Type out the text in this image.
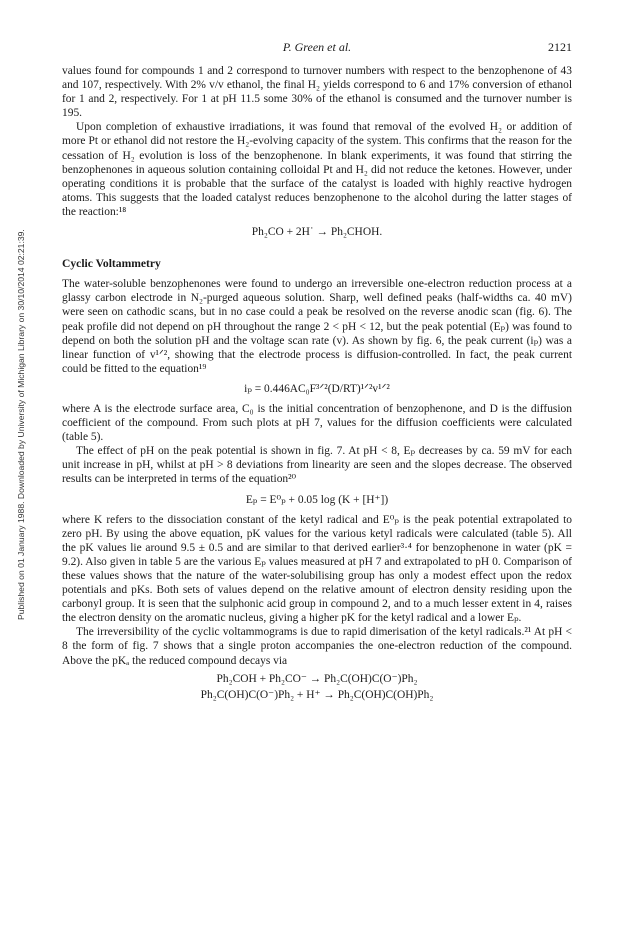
Published on 01 January 1988. Downloaded by University of Michigan Library on 30/10/2014 02:21:39.
P. Green et al.	2121

values found for compounds 1 and 2 correspond to turnover numbers with respect to the benzophenone of 43 and 107, respectively. With 2% v/v ethanol, the final H₂ yields correspond to 6 and 17% conversion of ethanol for 1 and 2, respectively. For 1 at pH 11.5 some 30% of the ethanol is consumed and the turnover number is 195.

Upon completion of exhaustive irradiations, it was found that removal of the evolved H₂ or addition of more Pt or ethanol did not restore the H₂-evolving capacity of the system. This confirms that the reason for the cessation of H₂ evolution is loss of the benzophenone. In blank experiments, it was found that stirring the benzophenones in aqueous solution containing colloidal Pt and H₂ did not reduce the ketones. However, under operating conditions it is probable that the surface of the catalyst is loaded with highly reactive hydrogen atoms. This suggests that the loaded catalyst reduces benzophenone to the alcohol during the latter stages of the reaction:¹⁸

Ph₂CO + 2H˙ → Ph₂CHOH.
Cyclic Voltammetry

The water-soluble benzophenones were found to undergo an irreversible one-electron reduction process at a glassy carbon electrode in N₂-purged aqueous solution. Sharp, well defined peaks (half-widths ca. 40 mV) were seen on cathodic scans, but in no case could a peak be resolved on the reverse anodic scan (fig. 6). The peak profile did not depend on pH throughout the range 2 < pH < 12, but the peak potential (Eₚ) was found to depend on both the solution pH and the voltage scan rate (v). As shown by fig. 6, the peak current (iₚ) was a linear function of v¹ᐟ², showing that the electrode process is diffusion-controlled. In fact, the peak current could be fitted to the equation¹⁹

iₚ = 0.446AC₀F³ᐟ²(D/RT)¹ᐟ²v¹ᐟ²

where A is the electrode surface area, C₀ is the initial concentration of benzophenone, and D is the diffusion coefficient of the compound. From such plots at pH 7, values for the diffusion coefficients were calculated (table 5).

The effect of pH on the peak potential is shown in fig. 7. At pH < 8, Eₚ decreases by ca. 59 mV for each unit increase in pH, whilst at pH > 8 deviations from linearity are seen and the slopes decrease. The observed results can be interpreted in terms of the equation²⁰

Eₚ = E⁰ₚ + 0.05 log (K + [H⁺])

where K refers to the dissociation constant of the ketyl radical and E⁰ₚ is the peak potential extrapolated to zero pH. By using the above equation, pK values for the various ketyl radicals were calculated (table 5). All the pK values lie around 9.5 ± 0.5 and are similar to that derived earlier³·⁴ for benzophenone in water (pK = 9.2). Also given in table 5 are the various Eₚ values measured at pH 7 and extrapolated to pH 0. Comparison of these values shows that the nature of the water-solubilising group has only a modest effect upon the redox potentials and pKs. Both sets of values depend on the relative amount of electron density residing upon the carbonyl group. It is seen that the sulphonic acid group in compound 2, and to a much lesser extent in 4, raises the electron density on the aromatic nucleus, giving a higher pK for the ketyl radical and a lower Eₚ.

The irreversibility of the cyclic voltammograms is due to rapid dimerisation of the ketyl radicals.²¹ At pH < 8 the form of fig. 7 shows that a single proton accompanies the one-electron reduction of the compound. Above the pKₐ the reduced compound decays via

Ph₂COH + Ph₂CO⁻ → Ph₂C(OH)C(O⁻)Ph₂
Ph₂C(OH)C(O⁻)Ph₂ + H⁺ → Ph₂C(OH)C(OH)Ph₂
